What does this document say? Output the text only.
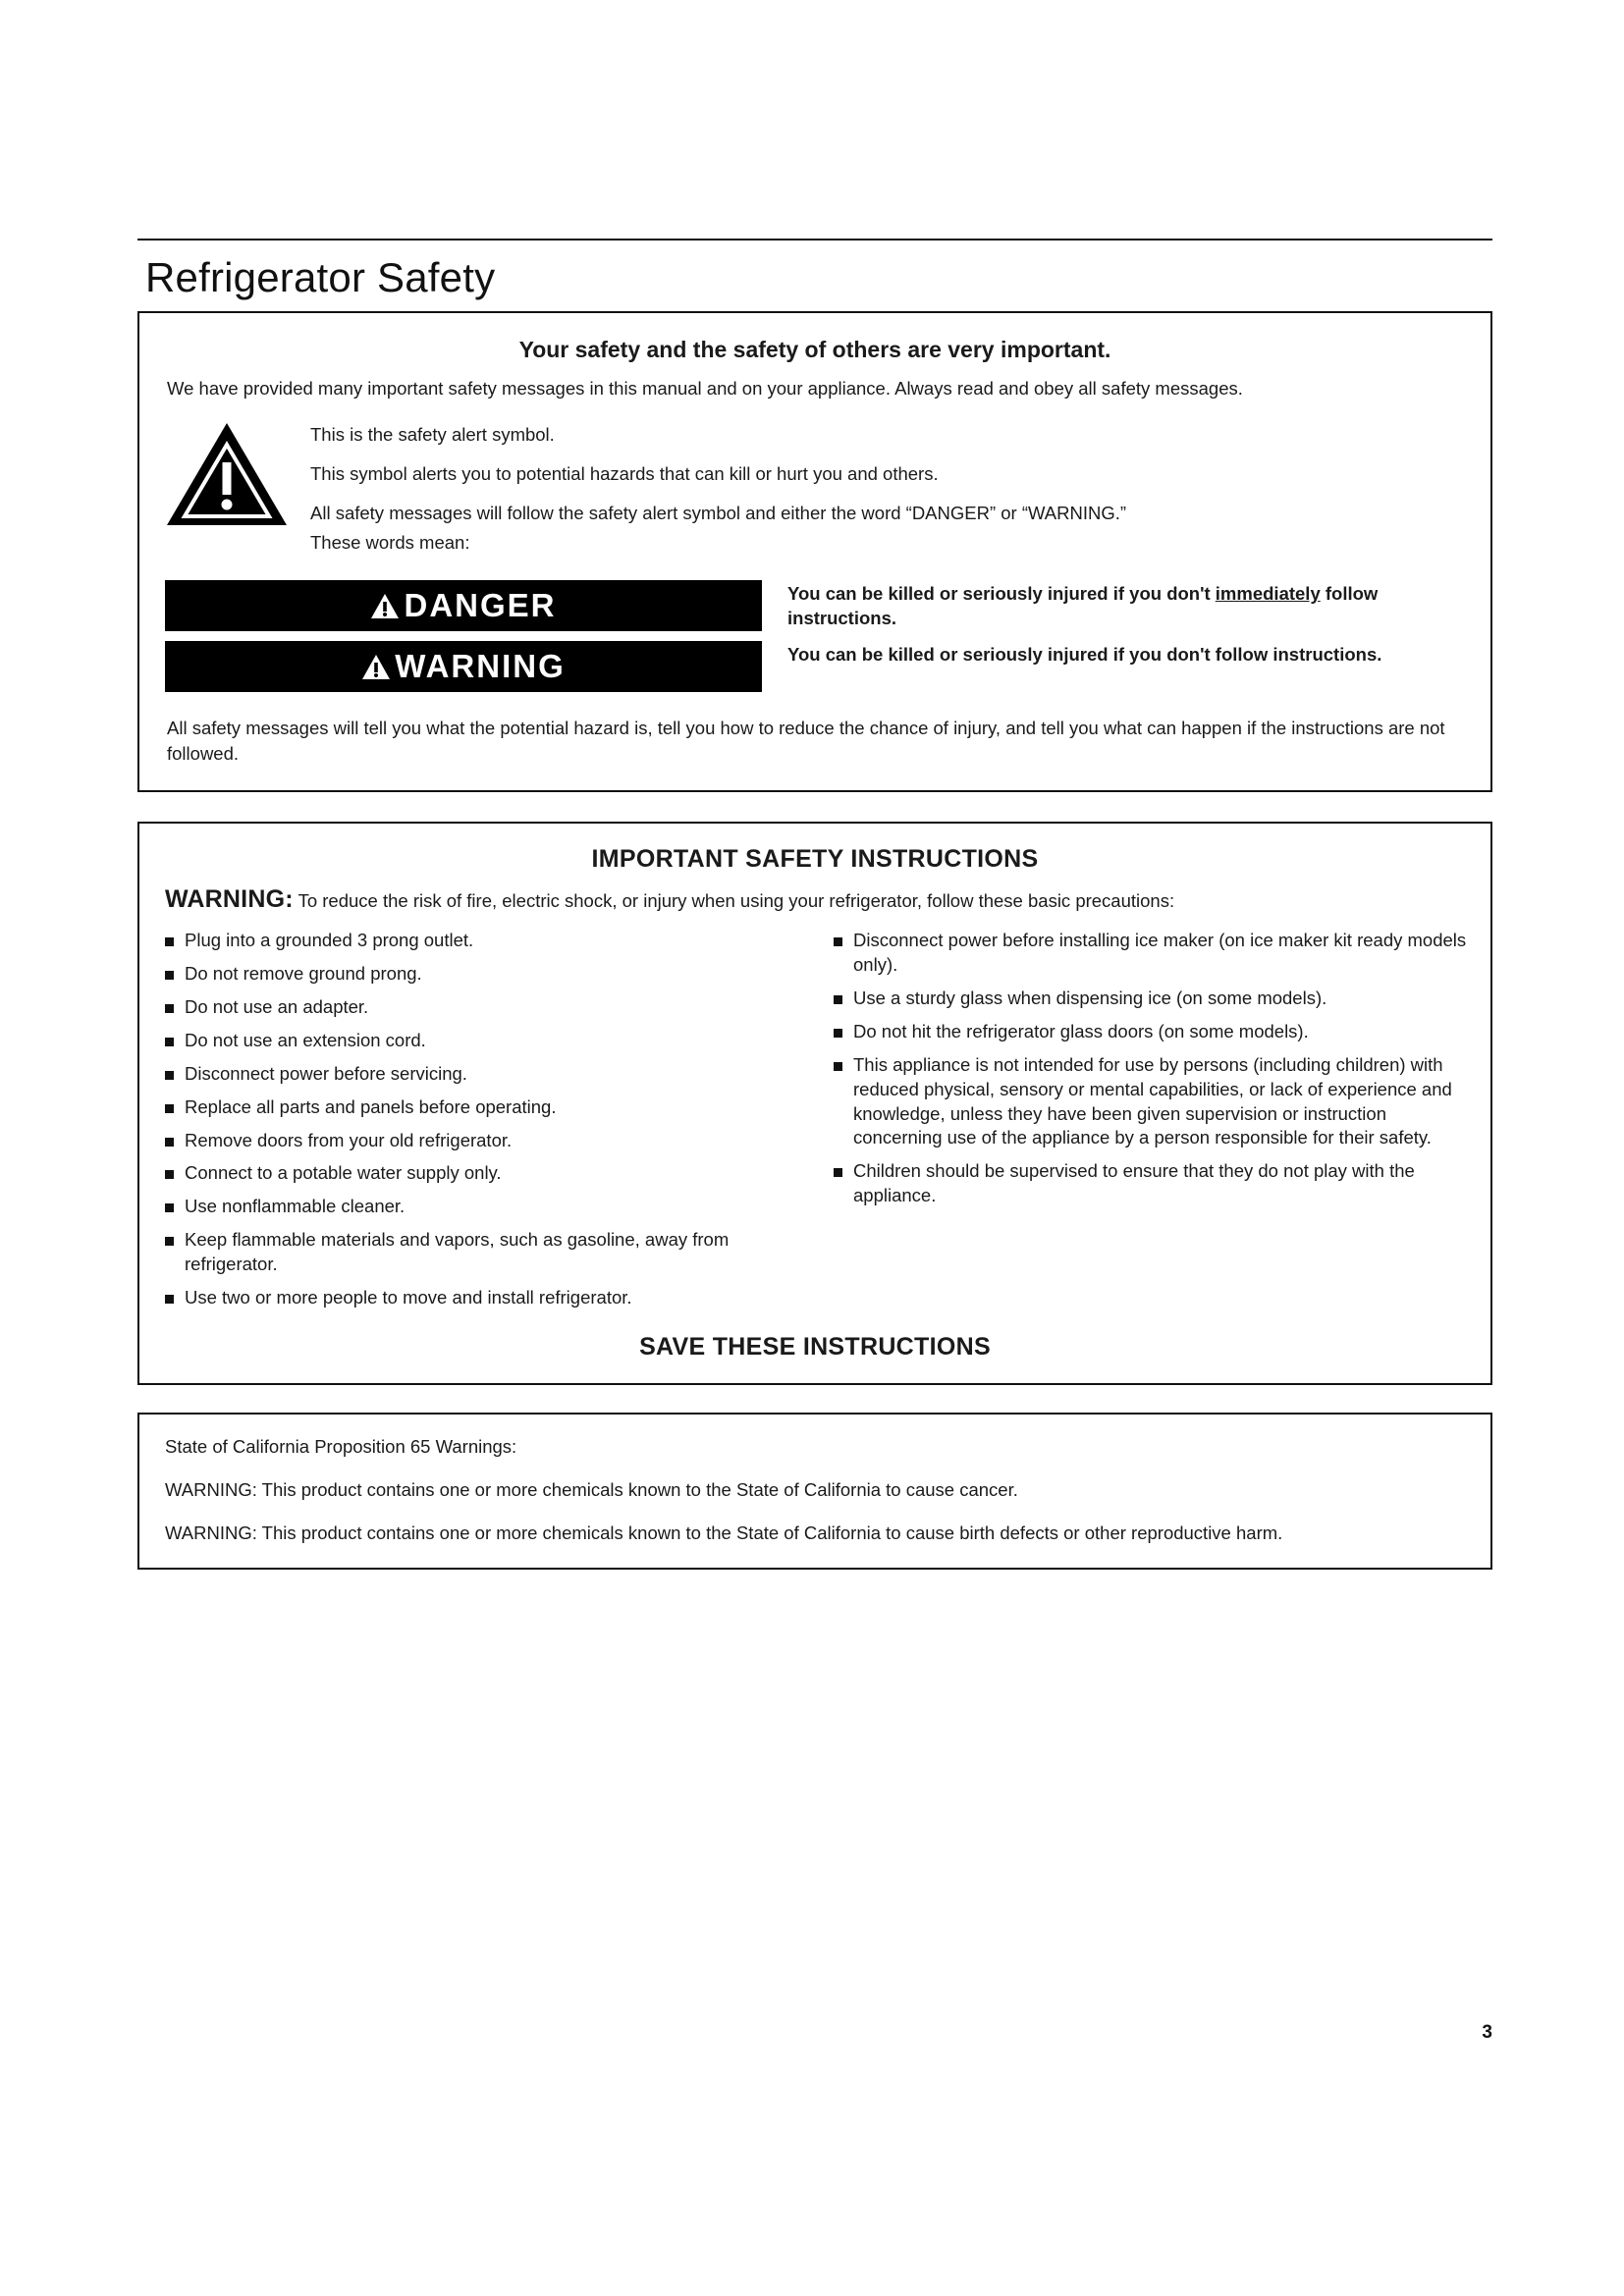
Refrigerator Safety
Your safety and the safety of others are very important.

We have provided many important safety messages in this manual and on your appliance. Always read and obey all safety messages.

This is the safety alert symbol.

This symbol alerts you to potential hazards that can kill or hurt you and others.

All safety messages will follow the safety alert symbol and either the word “DANGER” or “WARNING.”

These words mean:

DANGER	You can be killed or seriously injured if you don't immediately follow instructions.
WARNING	You can be killed or seriously injured if you don't follow instructions.

All safety messages will tell you what the potential hazard is, tell you how to reduce the chance of injury, and tell you what can happen if the instructions are not followed.

IMPORTANT SAFETY INSTRUCTIONS

WARNING: To reduce the risk of fire, electric shock, or injury when using your refrigerator, follow these basic precautions:

Plug into a grounded 3 prong outlet.
Do not remove ground prong.
Do not use an adapter.
Do not use an extension cord.
Disconnect power before servicing.
Replace all parts and panels before operating.
Remove doors from your old refrigerator.
Connect to a potable water supply only.
Use nonflammable cleaner.
Keep flammable materials and vapors, such as gasoline, away from refrigerator.
Use two or more people to move and install refrigerator.
Disconnect power before installing ice maker (on ice maker kit ready models only).
Use a sturdy glass when dispensing ice (on some models).
Do not hit the refrigerator glass doors (on some models).
This appliance is not intended for use by persons (including children) with reduced physical, sensory or mental capabilities, or lack of experience and knowledge, unless they have been given supervision or instruction concerning use of the appliance by a person responsible for their safety.
Children should be supervised to ensure that they do not play with the appliance.
SAVE THESE INSTRUCTIONS

State of California Proposition 65 Warnings:

WARNING: This product contains one or more chemicals known to the State of California to cause cancer.

WARNING: This product contains one or more chemicals known to the State of California to cause birth defects or other reproductive harm.

3
